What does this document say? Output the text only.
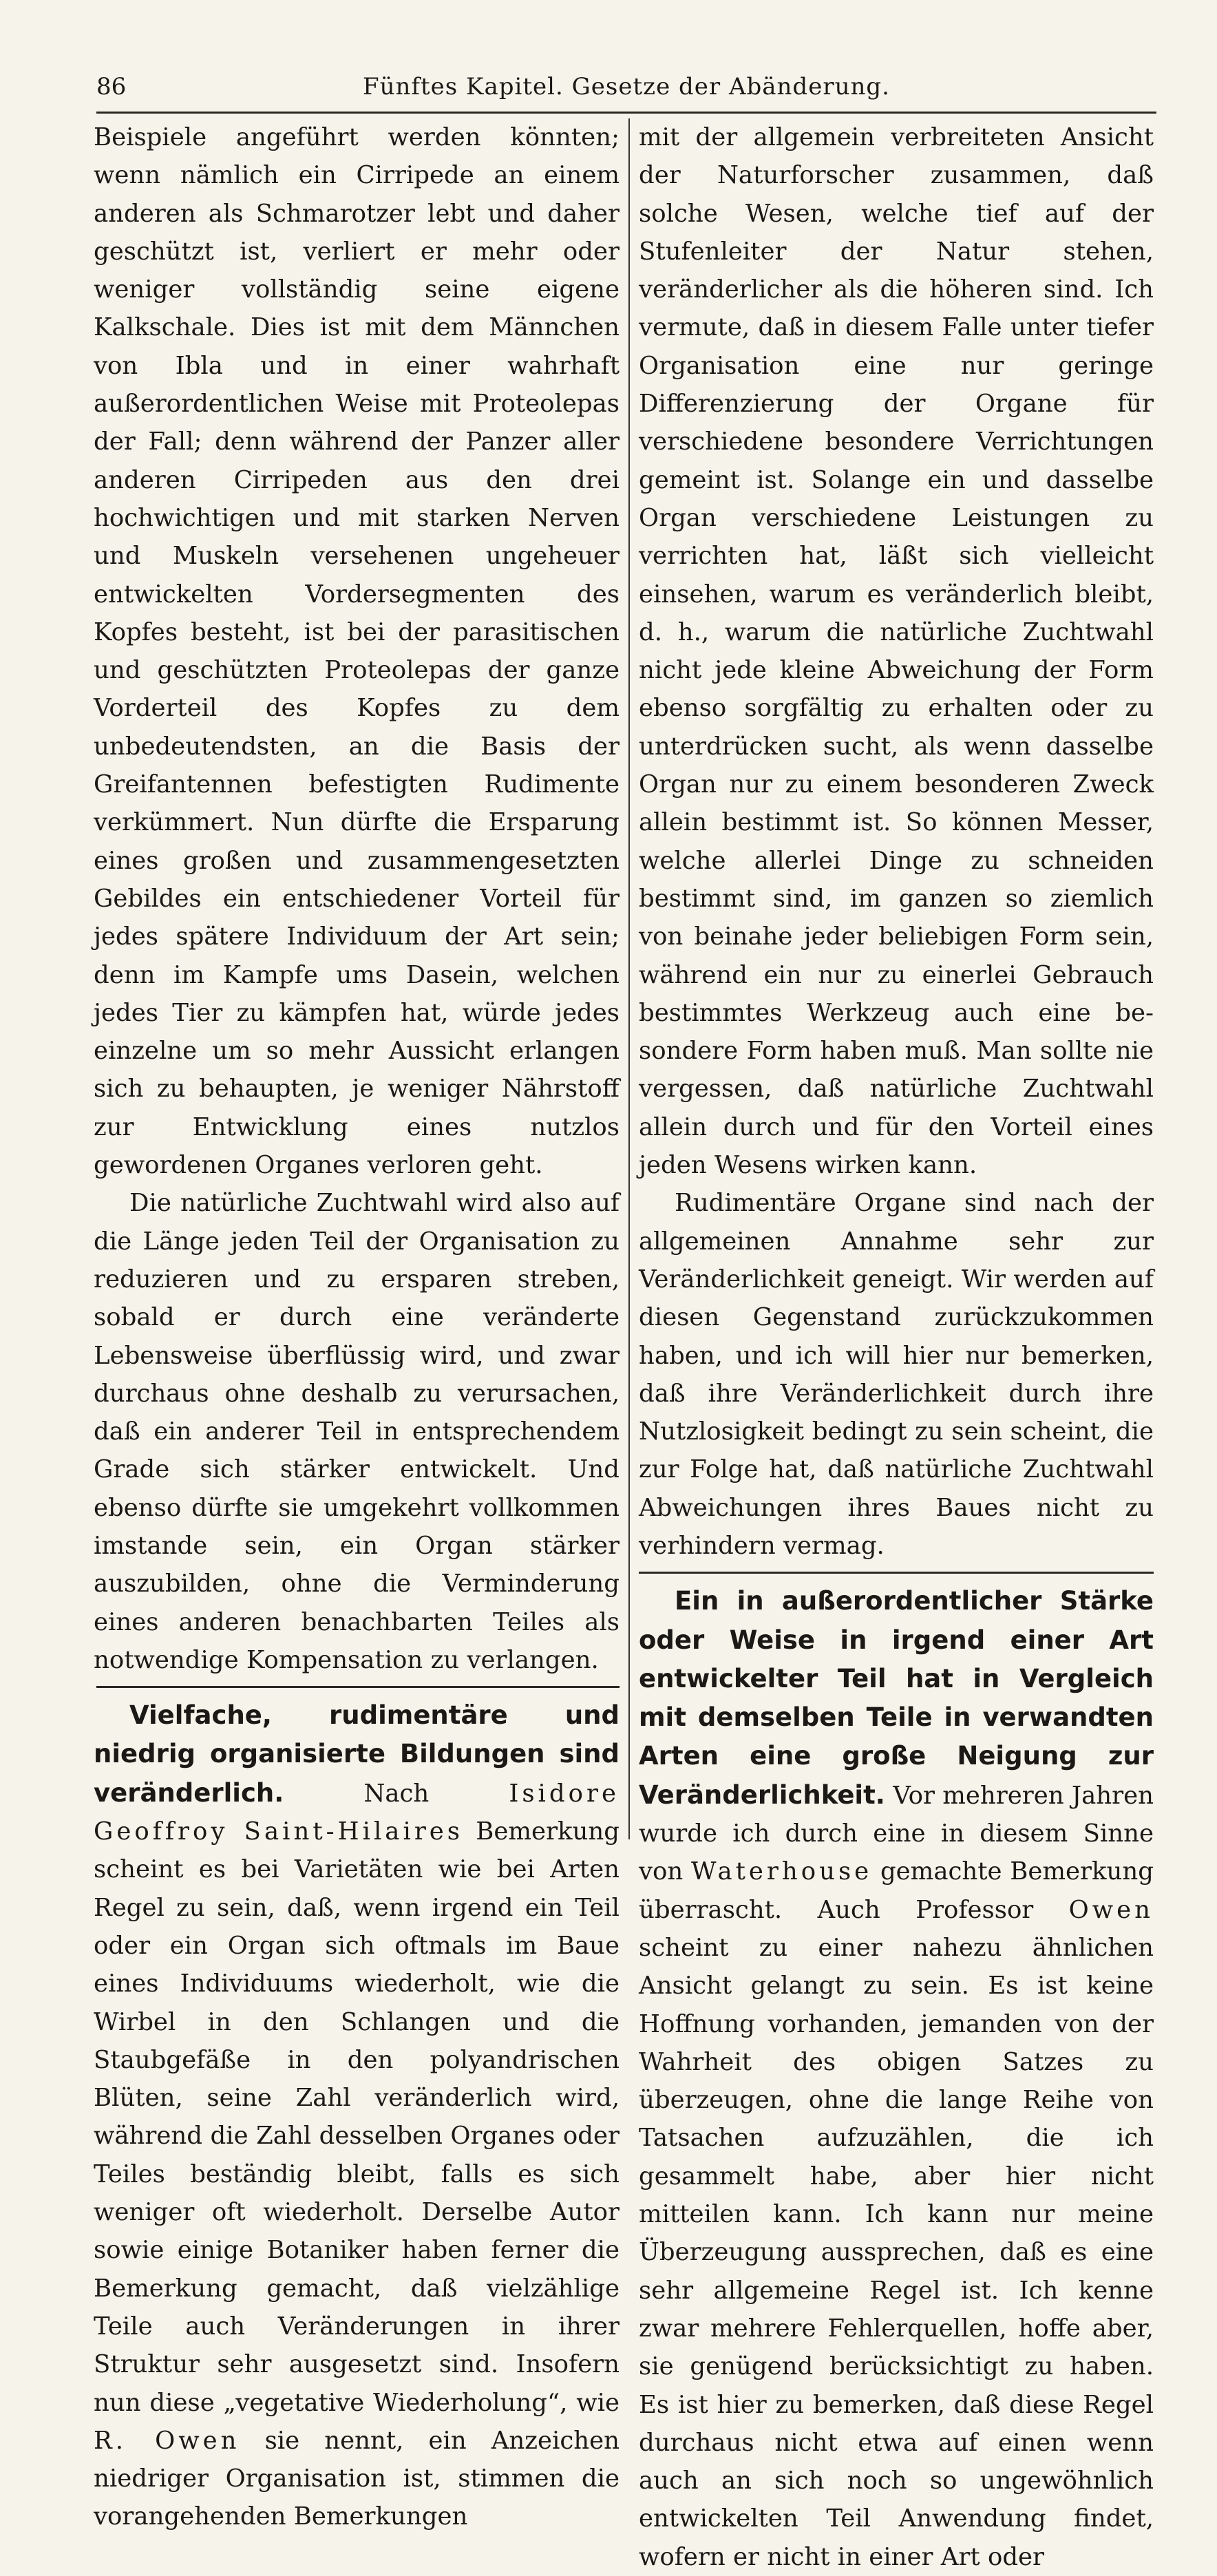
86	Fünftes Kapitel. Gesetze der Abänderung.

Beispiele angeführt werden könnten; wenn nämlich ein Cirripede an einem anderen als Schmarotzer lebt und daher geschützt ist, verliert er mehr oder weniger vollständig seine eigene Kalkschale. Dies ist mit dem Männchen von Ibla und in einer wahrhaft außerordentlichen Weise mit Proteolepas der Fall; denn während der Panzer aller anderen Cirripeden aus den drei hochwichtigen und mit starken Nerven und Muskeln versehenen ungeheuer entwickelten Vordersegmenten des Kopfes besteht, ist bei der parasitischen und geschützten Proteolepas der ganze Vorderteil des Kopfes zu dem unbedeutendsten, an die Basis der Greifantennen befestigten Rudimente verkümmert. Nun dürfte die Ersparung eines großen und zusammengesetzten Gebildes ein entschiedener Vorteil für jedes spätere Individuum der Art sein; denn im Kampfe ums Dasein, welchen jedes Tier zu kämpfen hat, würde jedes einzelne um so mehr Aussicht erlangen sich zu behaupten, je weniger Nährstoff zur Entwicklung eines nutzlos gewordenen Organes verloren geht.

Die natürliche Zuchtwahl wird also auf die Länge jeden Teil der Organisation zu reduzieren und zu ersparen streben, sobald er durch eine veränderte Lebensweise überflüssig wird, und zwar durchaus ohne deshalb zu verursachen, daß ein anderer Teil in entsprechendem Grade sich stärker entwickelt. Und ebenso dürfte sie umgekehrt vollkommen imstande sein, ein Organ stärker auszubilden, ohne die Verminderung eines anderen benachbarten Teiles als notwendige Kompensation zu verlangen.

Vielfache, rudimentäre und niedrig organisierte Bildungen sind veränderlich.	Nach	Isidore Geoffroy Saint-Hilaires Bemerkung scheint es bei Varietäten wie bei Arten Regel zu sein, daß, wenn irgend ein Teil oder ein Organ sich oftmals im Baue eines Individuums wiederholt, wie die Wirbel in den Schlangen und die Staubgefäße in den polyandrischen Blüten, seine Zahl veränderlich wird, während die Zahl desselben Organes oder Teiles beständig bleibt, falls es sich weniger oft wiederholt. Derselbe Autor sowie einige Botaniker haben ferner die Bemerkung gemacht, daß vielzählige Teile auch Veränderungen in ihrer Struktur sehr ausgesetzt sind. Insofern nun diese „vegetative Wiederholung“, wie R. Owen sie nennt, ein Anzeichen niedriger Organisation ist, stimmen die vorangehenden Bemerkungen

mit der allgemein verbreiteten Ansicht der Naturforscher zusammen, daß solche Wesen, welche tief auf der Stufenleiter der Natur stehen, veränderlicher als die höheren sind. Ich vermute, daß in diesem Falle unter tiefer Organisation eine nur geringe Differenzierung der Organe für verschiedene besondere Verrichtungen gemeint ist. Solange ein und dasselbe Organ verschiedene Leistungen zu verrichten hat, läßt sich vielleicht einsehen, warum es veränderlich bleibt, d. h., warum die natürliche Zuchtwahl nicht jede kleine Abweichung der Form ebenso sorgfältig zu erhalten oder zu unterdrücken sucht, als wenn dasselbe Organ nur zu einem besonderen Zweck allein bestimmt ist. So können Messer, welche allerlei Dinge zu schneiden bestimmt sind, im ganzen so ziemlich von beinahe jeder beliebigen Form sein, während ein nur zu einerlei Gebrauch bestimmtes Werkzeug auch eine besondere Form haben muß. Man sollte nie vergessen, daß natürliche Zuchtwahl allein durch und für den Vorteil eines jeden Wesens wirken kann.

Rudimentäre Organe sind nach der allgemeinen Annahme sehr zur Veränderlichkeit geneigt. Wir werden auf diesen Gegenstand zurückzukommen haben, und ich will hier nur bemerken, daß ihre Veränderlichkeit durch ihre Nutzlosigkeit bedingt zu sein scheint, die zur Folge hat, daß natürliche Zuchtwahl Abweichungen ihres Baues nicht zu verhindern vermag.

Ein in außerordentlicher Stärke oder Weise in irgend einer Art entwickelter Teil hat in Vergleich mit demselben Teile in verwandten Arten eine große Neigung zur Veränderlichkeit. Vor mehreren Jahren wurde ich durch eine in diesem Sinne von Waterhouse gemachte Bemerkung überrascht. Auch Professor Owen scheint zu einer nahezu ähnlichen Ansicht gelangt zu sein. Es ist keine Hoffnung vorhanden, jemanden von der Wahrheit des obigen Satzes zu überzeugen, ohne die lange Reihe von Tatsachen aufzuzählen, die ich gesammelt habe, aber hier nicht mitteilen kann. Ich kann nur meine Überzeugung aussprechen, daß es eine sehr allgemeine Regel ist. Ich kenne zwar mehrere Fehlerquellen, hoffe aber, sie genügend berücksichtigt zu haben. Es ist hier zu bemerken, daß diese Regel durchaus nicht etwa auf einen wenn auch an sich noch so ungewöhnlich entwickelten Teil Anwendung findet, wofern er nicht in einer Art oder
